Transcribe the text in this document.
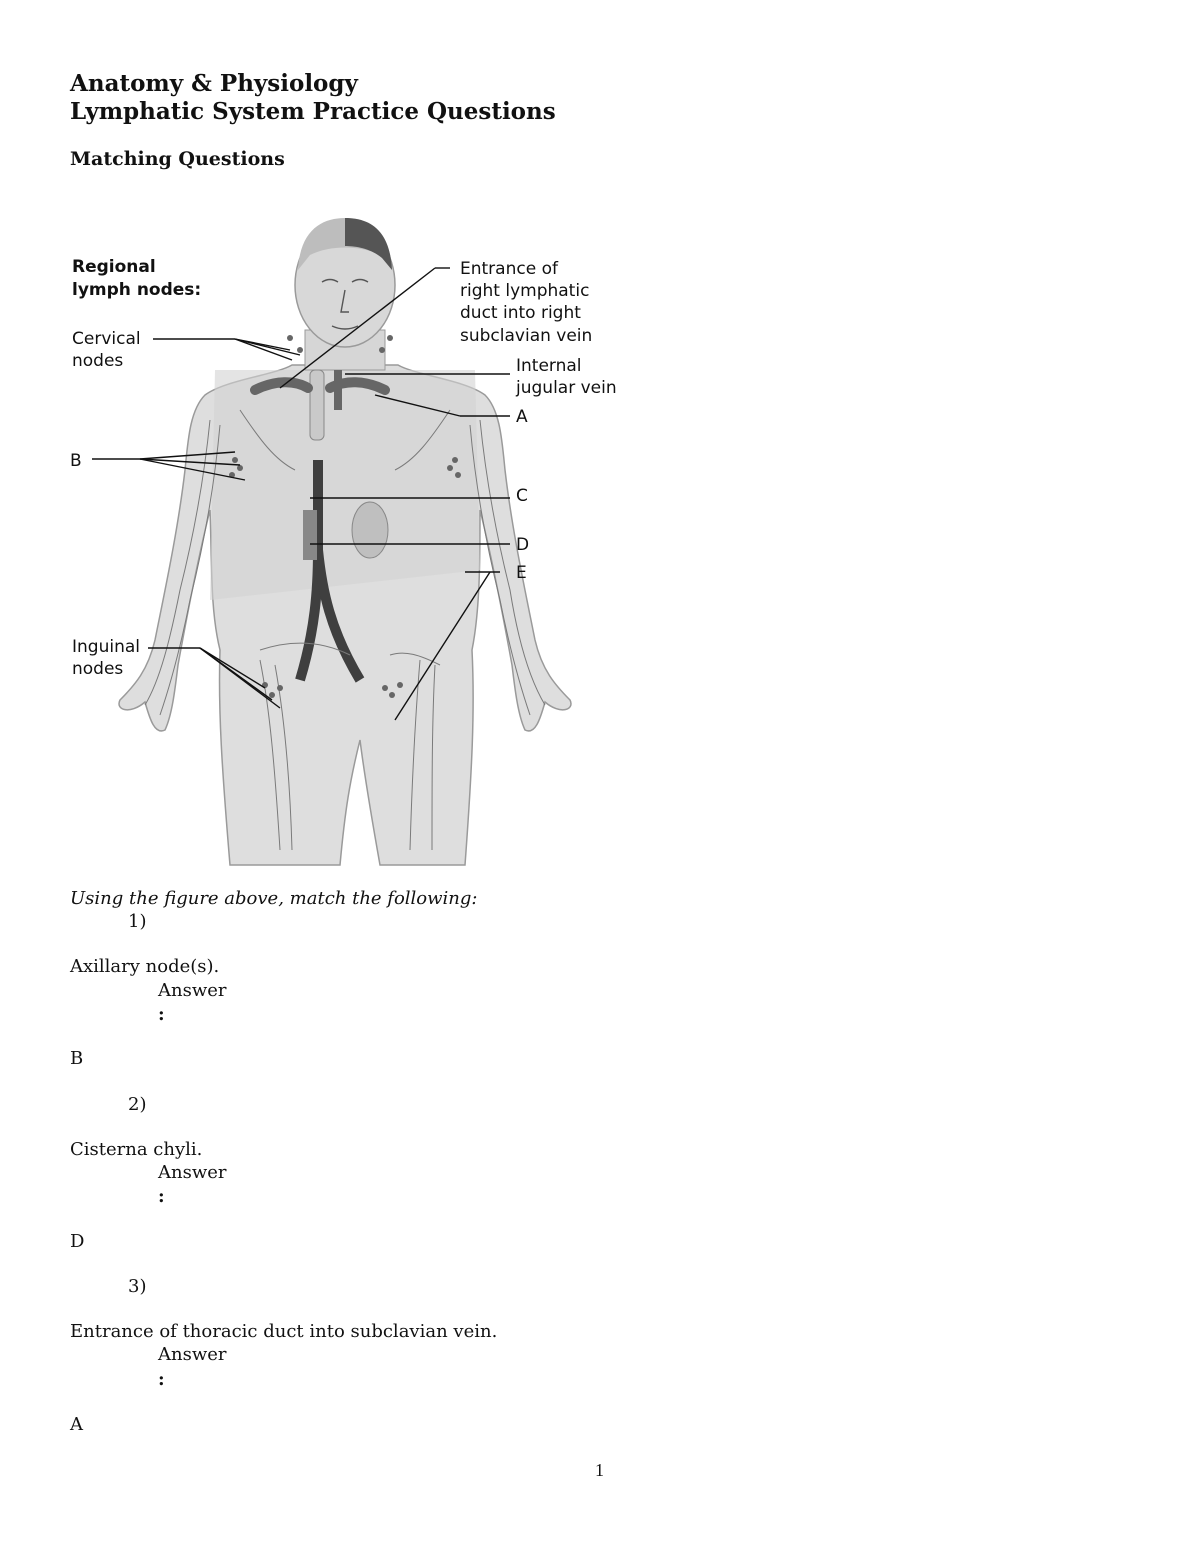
Anatomy & Physiology
Lymphatic System Practice Questions
Matching Questions
Regional
lymph nodes:
Cervical
nodes
B
Inguinal
nodes
Entrance of
right lymphatic
duct into right
subclavian vein
Internal
jugular vein
A
C
D
E
Using the figure above, match the following:
1)
Axillary node(s).
Answer
:
B
2)
Cisterna chyli.
Answer
:
D
3)
Entrance of thoracic duct into subclavian vein.
Answer
:
A
1
